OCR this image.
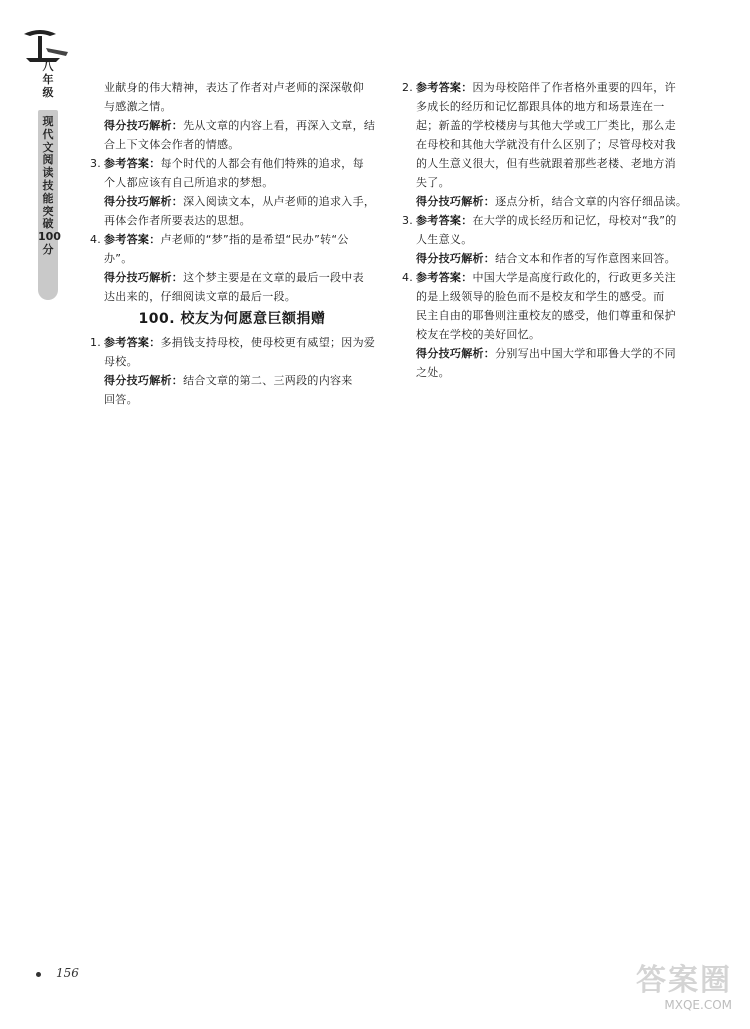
八年级
现代文阅读技能突破100分
业献身的伟大精神，表达了作者对卢老师的深深敬仰
与感激之情。
得分技巧解析：先从文章的内容上看，再深入文章，结
合上下文体会作者的情感。
3. 参考答案：每个时代的人都会有他们特殊的追求，每
个人都应该有自己所追求的梦想。
得分技巧解析：深入阅读文本，从卢老师的追求入手，
再体会作者所要表达的思想。
4. 参考答案：卢老师的“梦”指的是希望“民办”转“公
办”。
得分技巧解析：这个梦主要是在文章的最后一段中表
达出来的，仔细阅读文章的最后一段。
100. 校友为何愿意巨额捐赠
1. 参考答案：多捐钱支持母校，使母校更有威望；因为爱
母校。
得分技巧解析：结合文章的第二、三两段的内容来
回答。
2. 参考答案：因为母校陪伴了作者格外重要的四年，许
多成长的经历和记忆都跟具体的地方和场景连在一
起；新盖的学校楼房与其他大学或工厂类比，那么走
在母校和其他大学就没有什么区别了；尽管母校对我
的人生意义很大，但有些就跟着那些老楼、老地方消
失了。
得分技巧解析：逐点分析，结合文章的内容仔细品读。
3. 参考答案：在大学的成长经历和记忆，母校对“我”的
人生意义。
得分技巧解析：结合文本和作者的写作意图来回答。
4. 参考答案：中国大学是高度行政化的，行政更多关注
的是上级领导的脸色而不是校友和学生的感受。而
民主自由的耶鲁则注重校友的感受，他们尊重和保护
校友在学校的美好回忆。
得分技巧解析：分别写出中国大学和耶鲁大学的不同
之处。
156	答案圈
MXQE.COM
